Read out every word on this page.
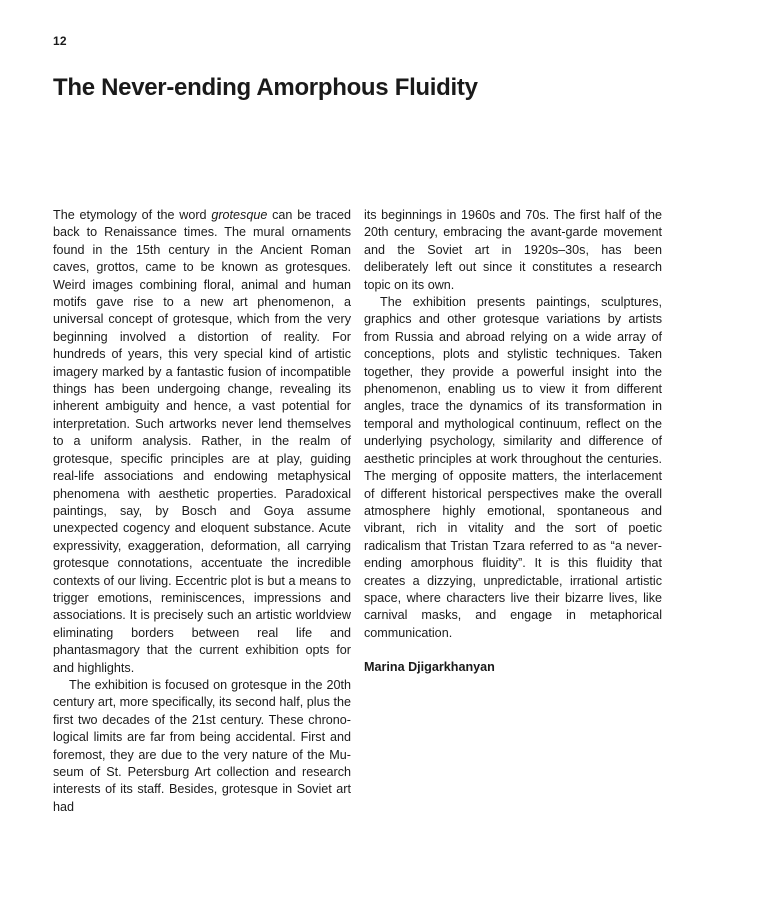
12
The Never-ending Amorphous Fluidity

The etymology of the word grotesque can be traced back to Renaissance times. The mural ornaments found in the 15th century in the Ancient Roman caves, grottos, came to be known as grotesques. Weird images combining floral, animal and human motifs gave rise to a new art phenomenon, a universal concept of grotesque, which from the very beginning involved a distortion of reality. For hundreds of years, this very special kind of artistic imagery marked by a fantastic fusion of incompatible things has been undergoing change, revealing its inherent ambiguity and hence, a vast potential for interpretation. Such artworks never lend themselves to a uniform analysis. Rather, in the realm of grotesque, specific principles are at play, guiding real-life associations and endowing metaphysical phenomena with aesthetic properties. Paradoxical paintings, say, by Bosch and Goya assume unexpected cogency and eloquent substance. Acute expressivity, exaggeration, deformation, all carrying grotesque connotations, accentuate the incredible contexts of our living. Eccentric plot is but a means to trigger emotions, reminiscences, impressions and associations. It is precisely such an artistic worldview eliminating borders between real life and phantasmagory that the current exhibition opts for and highlights.

The exhibition is focused on grotesque in the 20th century art, more specifically, its second half, plus the first two decades of the 21st century. These chronological limits are far from being accidental. First and foremost, they are due to the very nature of the Museum of St. Petersburg Art collection and research interests of its staff. Besides, grotesque in Soviet art had

its beginnings in 1960s and 70s. The first half of the 20th century, embracing the avant-garde movement and the Soviet art in 1920s–30s, has been deliberately left out since it constitutes a research topic on its own.

The exhibition presents paintings, sculptures, graphics and other grotesque variations by artists from Russia and abroad relying on a wide array of conceptions, plots and stylistic techniques. Taken together, they provide a powerful insight into the phenomenon, enabling us to view it from different angles, trace the dynamics of its transformation in temporal and mythological continuum, reflect on the underlying psychology, similarity and difference of aesthetic principles at work throughout the centuries. The merging of opposite matters, the interlacement of different historical perspectives make the overall atmosphere highly emotional, spontaneous and vibrant, rich in vitality and the sort of poetic radicalism that Tristan Tzara referred to as “a never-ending amorphous fluidity”. It is this fluidity that creates a dizzying, unpredictable, irrational artistic space, where characters live their bizarre lives, like carnival masks, and engage in metaphorical communication.

Marina Djigarkhanyan
